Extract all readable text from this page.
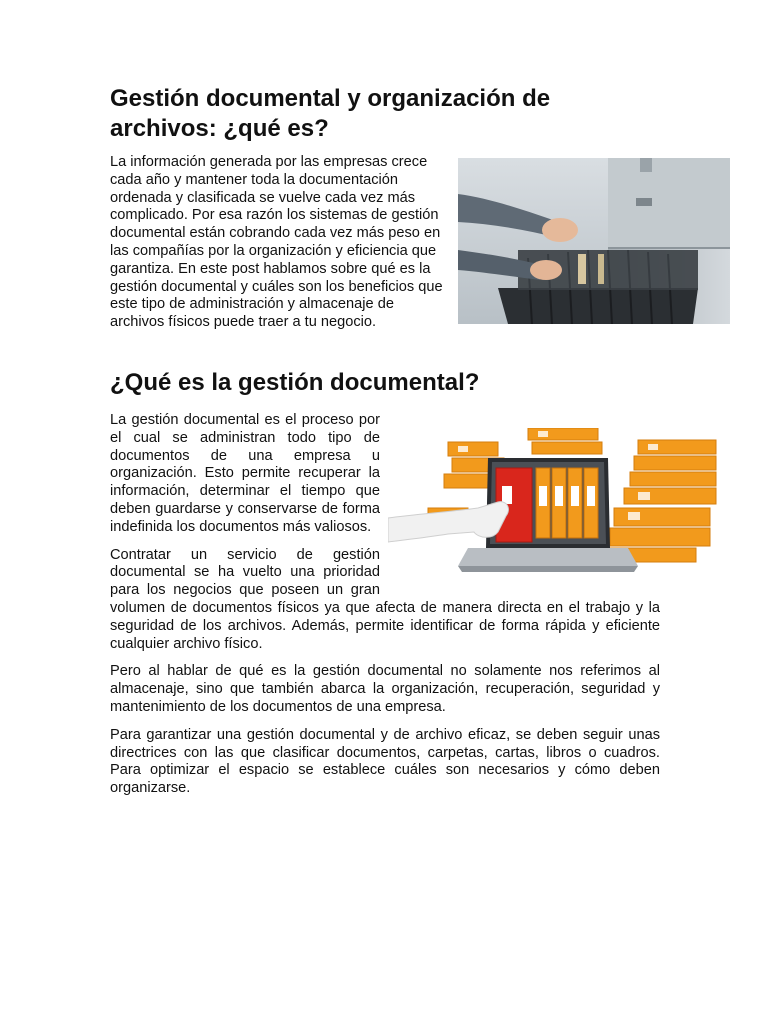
Gestión documental y organización de archivos: ¿qué es?

La información generada por las empresas crece cada año y mantener toda la documentación ordenada y clasificada se vuelve cada vez más complicado. Por esa razón los sistemas de gestión documental están cobrando cada vez más peso en las compañías por la organización y eficiencia que garantiza. En este post hablamos sobre qué es la gestión documental y cuáles son los beneficios que este tipo de administración y almacenaje de archivos físicos puede traer a tu negocio.

¿Qué es la gestión documental?

La gestión documental es el proceso por el cual se administran todo tipo de documentos de una empresa u organización. Esto permite recuperar la información, determinar el tiempo que deben guardarse y conservarse de forma indefinida los documentos más valiosos.

Contratar un servicio de gestión documental se ha vuelto una prioridad para los negocios que poseen un gran volumen de documentos físicos ya que afecta de manera directa en el trabajo y la seguridad de los archivos. Además, permite identificar de forma rápida y eficiente cualquier archivo físico.

Pero al hablar de qué es la gestión documental no solamente nos referimos al almacenaje, sino que también abarca la organización, recuperación, seguridad y mantenimiento de los documentos de una empresa.

Para garantizar una gestión documental y de archivo eficaz, se deben seguir unas directrices con las que clasificar documentos, carpetas, cartas, libros o cuadros. Para optimizar el espacio se establece cuáles son necesarios y cómo deben organizarse.
